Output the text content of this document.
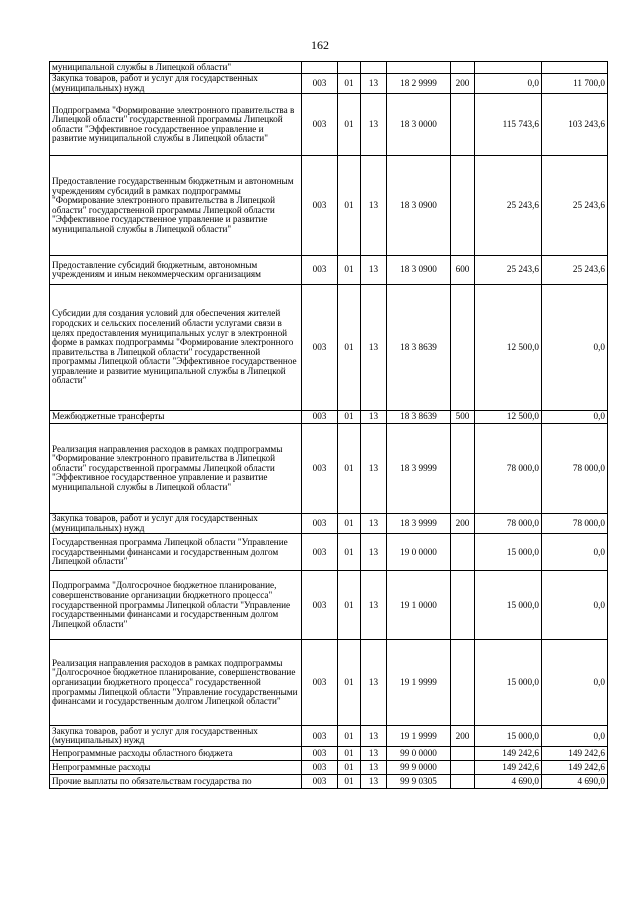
162
муниципальной службы в Липецкой области"							
Закупка товаров, работ и услуг для государственных (муниципальных) нужд	003	01	13	18 2 9999	200	0,0	11 700,0
Подпрограмма "Формирование электронного правительства в Липецкой области" государственной программы Липецкой области "Эффективное государственное управление и развитие муниципальной службы в Липецкой области"	003	01	13	18 3 0000		115 743,6	103 243,6
Предоставление государственным бюджетным и автономным учреждениям субсидий в рамках подпрограммы "Формирование электронного правительства в Липецкой области" государственной программы Липецкой области "Эффективное государственное управление и развитие муниципальной службы в Липецкой области"	003	01	13	18 3 0900		25 243,6	25 243,6
Предоставление субсидий бюджетным, автономным учреждениям и иным некоммерческим организациям	003	01	13	18 3 0900	600	25 243,6	25 243,6
Субсидии для создания условий для обеспечения жителей городских и сельских поселений области услугами связи в целях предоставления муниципальных услуг в электронной форме в рамках подпрограммы "Формирование электронного правительства в Липецкой области" государственной программы Липецкой области "Эффективное государственное управление и развитие муниципальной службы в Липецкой области"	003	01	13	18 3 8639		12 500,0	0,0
Межбюджетные трансферты	003	01	13	18 3 8639	500	12 500,0	0,0
Реализация направления расходов в рамках подпрограммы "Формирование электронного правительства в Липецкой области" государственной программы Липецкой области "Эффективное государственное управление и развитие муниципальной службы в Липецкой области"	003	01	13	18 3 9999		78 000,0	78 000,0
Закупка товаров, работ и услуг для государственных (муниципальных) нужд	003	01	13	18 3 9999	200	78 000,0	78 000,0
Государственная программа Липецкой области "Управление государственными финансами и государственным долгом Липецкой области"	003	01	13	19 0 0000		15 000,0	0,0
Подпрограмма "Долгосрочное бюджетное планирование, совершенствование организации бюджетного процесса" государственной программы Липецкой области "Управление государственными финансами и государственным долгом Липецкой области"	003	01	13	19 1 0000		15 000,0	0,0
Реализация направления расходов в рамках подпрограммы "Долгосрочное бюджетное планирование, совершенствование организации бюджетного процесса" государственной программы Липецкой области "Управление государственными финансами и государственным долгом Липецкой области"	003	01	13	19 1 9999		15 000,0	0,0
Закупка товаров, работ и услуг для государственных (муниципальных) нужд	003	01	13	19 1 9999	200	15 000,0	0,0
Непрограммные расходы областного бюджета	003	01	13	99 0 0000		149 242,6	149 242,6
Непрограммные расходы	003	01	13	99 9 0000		149 242,6	149 242,6
Прочие выплаты по обязательствам государства по	003	01	13	99 9 0305		4 690,0	4 690,0
